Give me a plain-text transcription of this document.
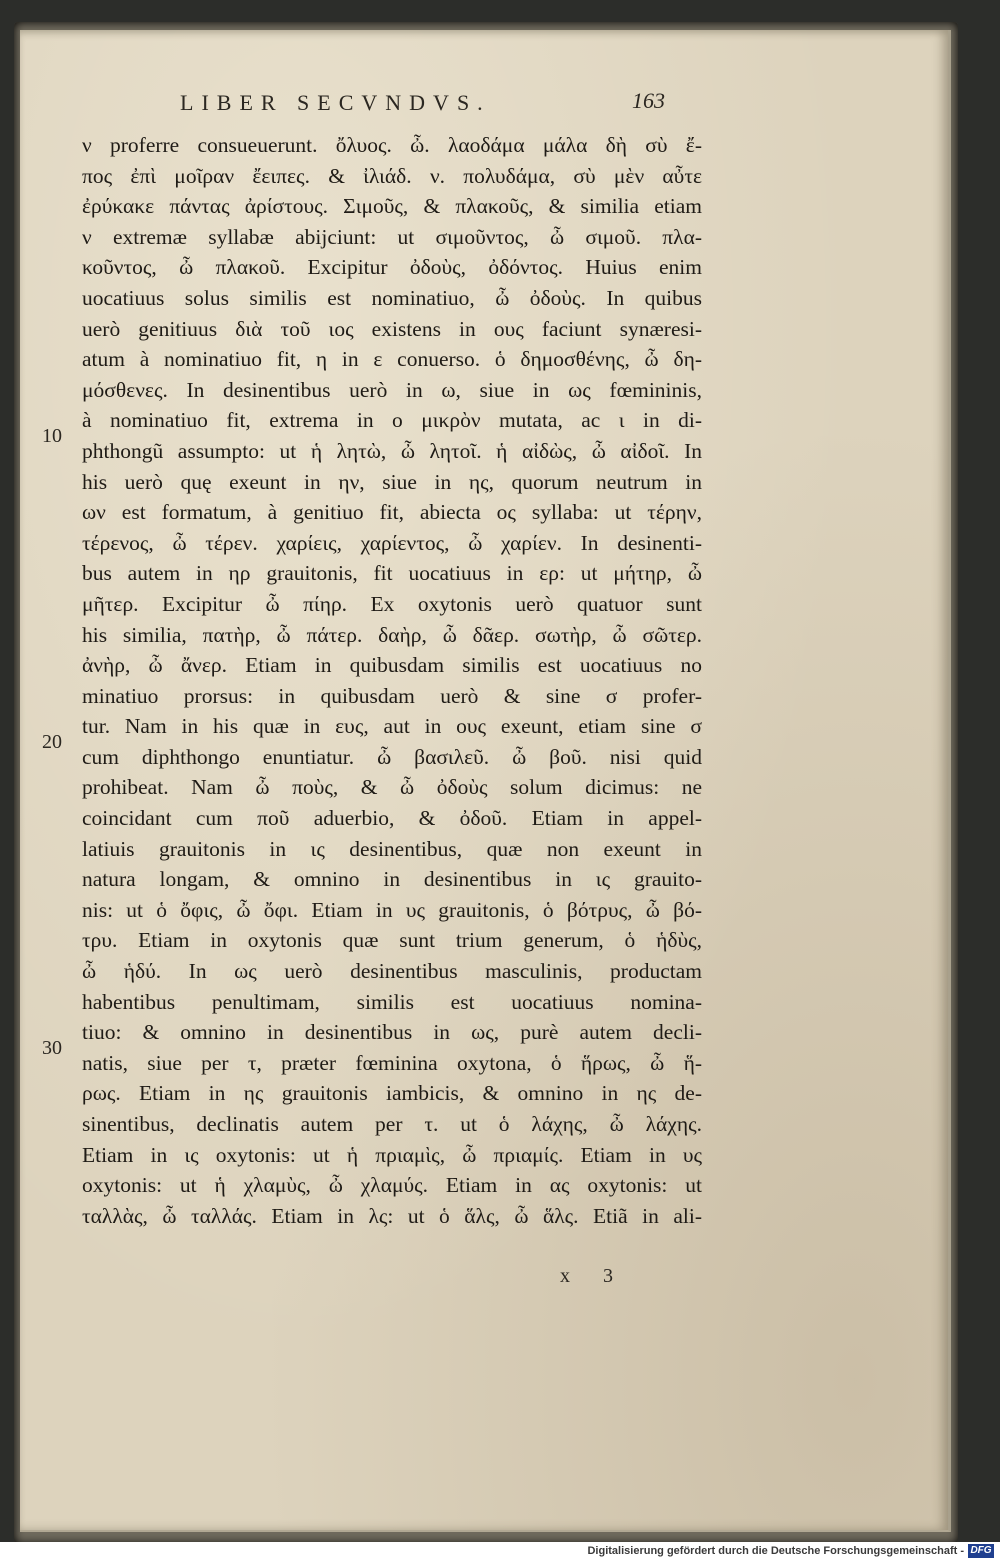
LIBER SECVNDVS.	163
10
20
30
ν proferre consueuerunt. ὄλυος. ὦ. λαοδάμα μάλα δὴ σὺ ἔ-
πος ἐπὶ μοῖραν ἔειπες. & ἰλιάδ. ν. πολυδάμα, σὺ μὲν αὖτε
ἐρύκακε πάντας ἀρίστους. Σιμοῦς, & πλακοῦς, & similia etiam
ν extremæ syllabæ abijciunt: ut σιμοῦντος, ὦ σιμοῦ. πλα-
κοῦντος, ὦ πλακοῦ. Excipitur ὀδοὺς, ὀδόντος. Huius enim
uocatiuus solus similis est nominatiuo, ὦ ὀδοὺς. In quibus
uerò genitiuus διὰ τοῦ ιος existens in ους faciunt synæresi-
atum à nominatiuo fit, η in ε conuerso. ὁ δημοσθένης, ὦ δη-
μόσθενες. In desinentibus uerò in ω, siue in ως fœmininis,
à nominatiuo fit, extrema in ο μικρὸν mutata, ac ι in di-
phthongũ assumpto: ut ἡ λητὼ, ὦ λητοῖ. ἡ αἰδὼς, ὦ αἰδοῖ. In
his uerò quę exeunt in ην, siue in ης, quorum neutrum in
ων est formatum, à genitiuo fit, abiecta ος syllaba: ut τέρην,
τέρενος, ὦ τέρεν. χαρίεις, χαρίεντος, ὦ χαρίεν. In desinenti-
bus autem in ηρ grauitonis, fit uocatiuus in ερ: ut μήτηρ, ὦ
μῆτερ. Excipitur ὦ πίηρ. Ex oxytonis uerò quatuor sunt
his similia, πατὴρ, ὦ πάτερ. δαὴρ, ὦ δᾶερ. σωτὴρ, ὦ σῶτερ.
ἀνὴρ, ὦ ἄνερ. Etiam in quibusdam similis est uocatiuus no
minatiuo prorsus: in quibusdam uerò & sine σ profer-
tur. Nam in his quæ in ευς, aut in ους exeunt, etiam sine σ
cum diphthongo enuntiatur. ὦ βασιλεῦ. ὦ βοῦ. nisi quid
prohibeat. Nam ὦ ποὺς, & ὦ ὀδοὺς solum dicimus: ne
coincidant cum ποῦ aduerbio, & ὀδοῦ. Etiam in appel-
latiuis grauitonis in ις desinentibus, quæ non exeunt in
natura longam, & omnino in desinentibus in ις grauito-
nis: ut ὁ ὄφις, ὦ ὄφι. Etiam in υς grauitonis, ὁ βότρυς, ὦ βό-
τρυ. Etiam in oxytonis quæ sunt trium generum, ὁ ἡδὺς,
ὦ ἡδύ. In ως uerò desinentibus masculinis, productam
habentibus penultimam, similis est uocatiuus nomina-
tiuo: & omnino in desinentibus in ως, purè autem decli-
natis, siue per τ, præter fœminina oxytona, ὁ ἥρως, ὦ ἥ-
ρως. Etiam in ης grauitonis iambicis, & omnino in ης de-
sinentibus, declinatis autem per τ. ut ὁ λάχης, ὦ λάχης.
Etiam in ις oxytonis: ut ἡ πριαμὶς, ὦ πριαμίς. Etiam in υς
oxytonis: ut ἡ χλαμὺς, ὦ χλαμύς. Etiam in ας oxytonis: ut
ταλλὰς, ὦ ταλλάς. Etiam in λς: ut ὁ ἅλς, ὦ ἅλς. Etiã in ali-
x 3
Digitalisierung gefördert durch die Deutsche Forschungsgemeinschaft - DFG
